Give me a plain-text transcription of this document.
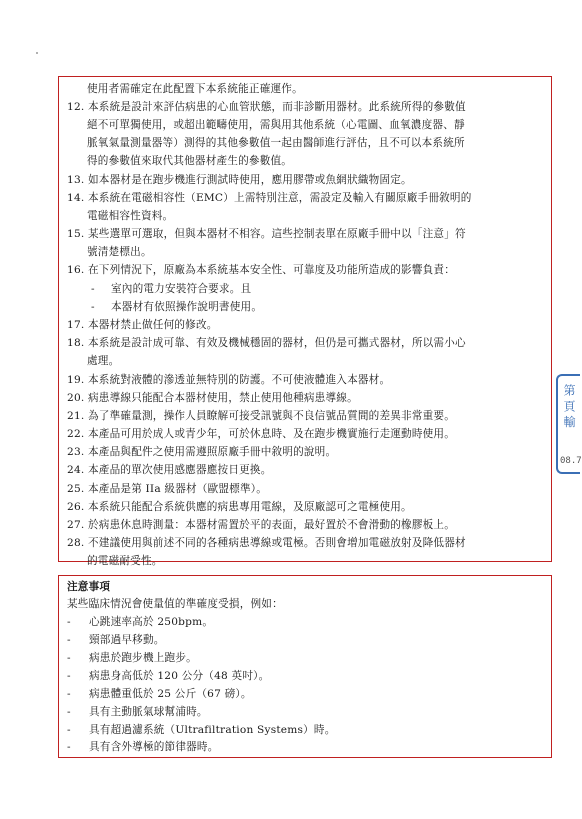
使用者需確定在此配置下本系統能正確運作。
12. 本系統是設計來評估病患的心血管狀態，而非診斷用器材。此系統所得的參數值
絕不可單獨使用，或超出範疇使用，需與用其他系統（心電圖、血氧濃度器、靜
脈氧氣量測量器等）測得的其他參數值一起由醫師進行評估，且不可以本系統所
得的參數值來取代其他器材產生的參數值。
13. 如本器材是在跑步機進行測試時使用，應用膠帶或魚網狀織物固定。
14. 本系統在電磁相容性（EMC）上需特別注意，需設定及輸入有關原廠手冊敘明的
電磁相容性資料。
15. 某些選單可選取，但與本器材不相容。這些控制表單在原廠手冊中以「注意」符
號清楚標出。
16. 在下列情況下，原廠為本系統基本安全性、可靠度及功能所造成的影響負責：
- 室內的電力安裝符合要求。且
- 本器材有依照操作說明書使用。
17. 本器材禁止做任何的修改。
18. 本系統是設計成可靠、有效及機械穩固的器材，但仍是可攜式器材，所以需小心
處理。
19. 本系統對液體的滲透並無特別的防護。不可使液體進入本器材。
20. 病患導線只能配合本器材使用，禁止使用他種病患導線。
21. 為了準確量測，操作人員瞭解可接受訊號與不良信號品質間的差異非常重要。
22. 本產品可用於成人或青少年，可於休息時、及在跑步機實施行走運動時使用。
23. 本產品與配件之使用需遵照原廠手冊中敘明的說明。
24. 本產品的單次使用感應器應按日更換。
25. 本產品是第 IIa 級器材（歐盟標準）。
26. 本系統只能配合系統供應的病患專用電線，及原廠認可之電極使用。
27. 於病患休息時測量：本器材需置於平的表面，最好置於不會滑動的橡膠板上。
28. 不建議使用與前述不同的各種病患導線或電極。否則會增加電磁放射及降低器材
的電磁耐受性。
注意事項
某些臨床情況會使量值的準確度受損，例如：
- 心跳速率高於 250bpm。
- 頸部過早移動。
- 病患於跑步機上跑步。
- 病患身高低於 120 公分（48 英吋）。
- 病患體重低於 25 公斤（67 磅）。
- 具有主動脈氣球幫浦時。
- 具有超過濾系統（Ultrafiltration Systems）時。
- 具有含外導極的節律器時。
第 頁 輸
08.7
